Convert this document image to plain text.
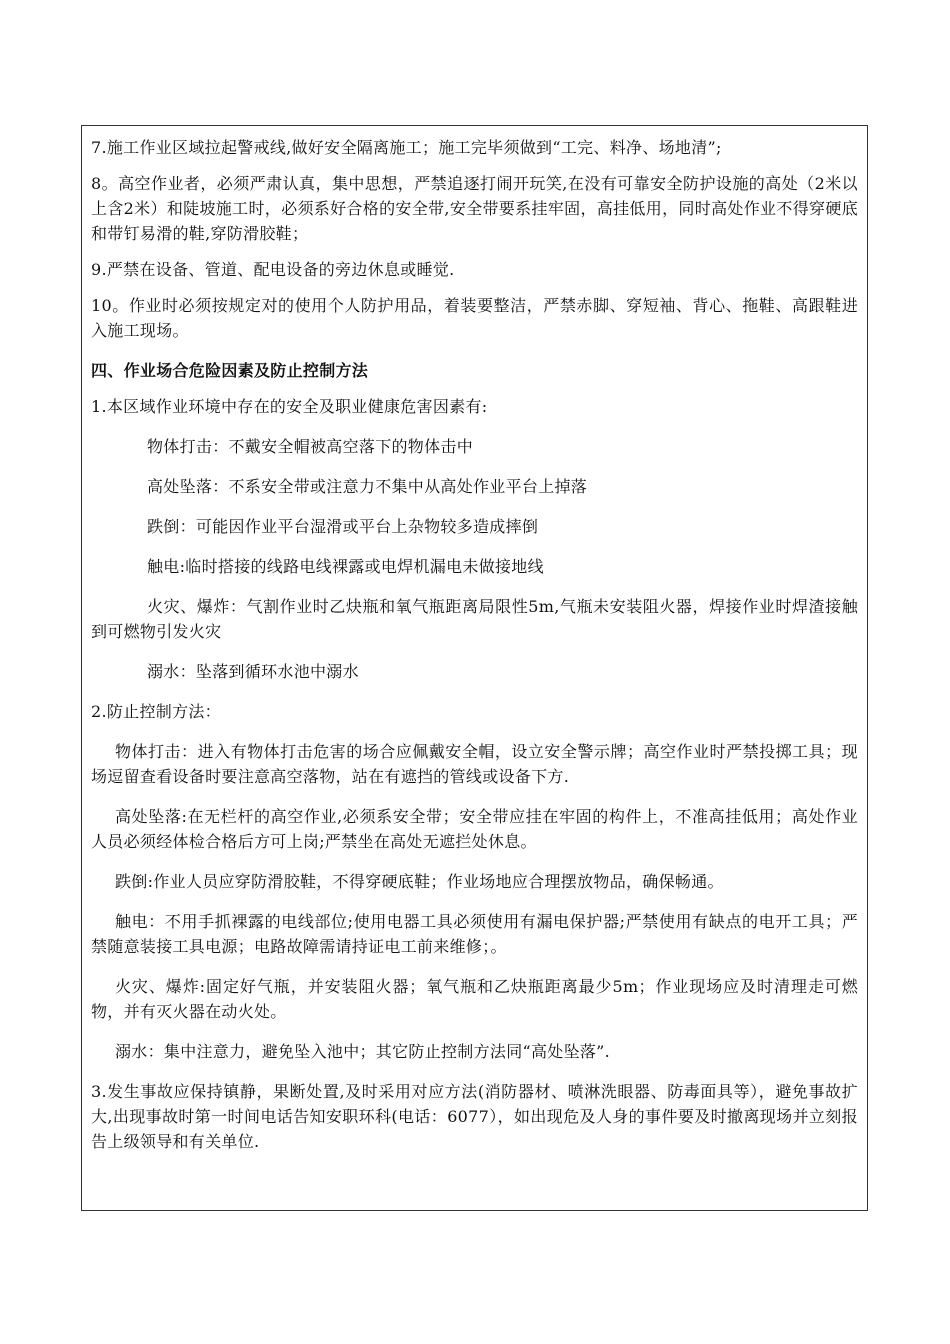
7.施工作业区域拉起警戒线,做好安全隔离施工；施工完毕须做到“工完、料净、场地清”;

8。高空作业者，必须严肃认真，集中思想，严禁追逐打闹开玩笑,在没有可靠安全防护设施的高处（2米以上含2米）和陡坡施工时，必须系好合格的安全带,安全带要系挂牢固，高挂低用，同时高处作业不得穿硬底和带钉易滑的鞋,穿防滑胶鞋；

9.严禁在设备、管道、配电设备的旁边休息或睡觉.

10。作业时必须按规定对的使用个人防护用品，着装要整洁，严禁赤脚、穿短袖、背心、拖鞋、高跟鞋进入施工现场。

四、作业场合危险因素及防止控制方法

1.本区域作业环境中存在的安全及职业健康危害因素有:

物体打击：不戴安全帽被高空落下的物体击中

高处坠落：不系安全带或注意力不集中从高处作业平台上掉落

跌倒：可能因作业平台湿滑或平台上杂物较多造成摔倒

触电:临时搭接的线路电线裸露或电焊机漏电未做接地线

火灾、爆炸：气割作业时乙炔瓶和氧气瓶距离局限性5m,气瓶未安装阻火器，焊接作业时焊渣接触到可燃物引发火灾

溺水：坠落到循环水池中溺水

2.防止控制方法：

物体打击：进入有物体打击危害的场合应佩戴安全帽，设立安全警示牌；高空作业时严禁投掷工具；现场逗留查看设备时要注意高空落物，站在有遮挡的管线或设备下方.

高处坠落:在无栏杆的高空作业,必须系安全带；安全带应挂在牢固的构件上，不准高挂低用；高处作业人员必须经体检合格后方可上岗;严禁坐在高处无遮拦处休息。

跌倒:作业人员应穿防滑胶鞋，不得穿硬底鞋；作业场地应合理摆放物品，确保畅通。

触电：不用手抓裸露的电线部位;使用电器工具必须使用有漏电保护器;严禁使用有缺点的电开工具；严禁随意装接工具电源；电路故障需请持证电工前来维修；。

火灾、爆炸:固定好气瓶，并安装阻火器；氧气瓶和乙炔瓶距离最少5m；作业现场应及时清理走可燃物，并有灭火器在动火处。

溺水：集中注意力，避免坠入池中；其它防止控制方法同“高处坠落”.

3.发生事故应保持镇静，果断处置,及时采用对应方法(消防器材、喷淋洗眼器、防毒面具等），避免事故扩大,出现事故时第一时间电话告知安职环科(电话：6077），如出现危及人身的事件要及时撤离现场并立刻报告上级领导和有关单位.
